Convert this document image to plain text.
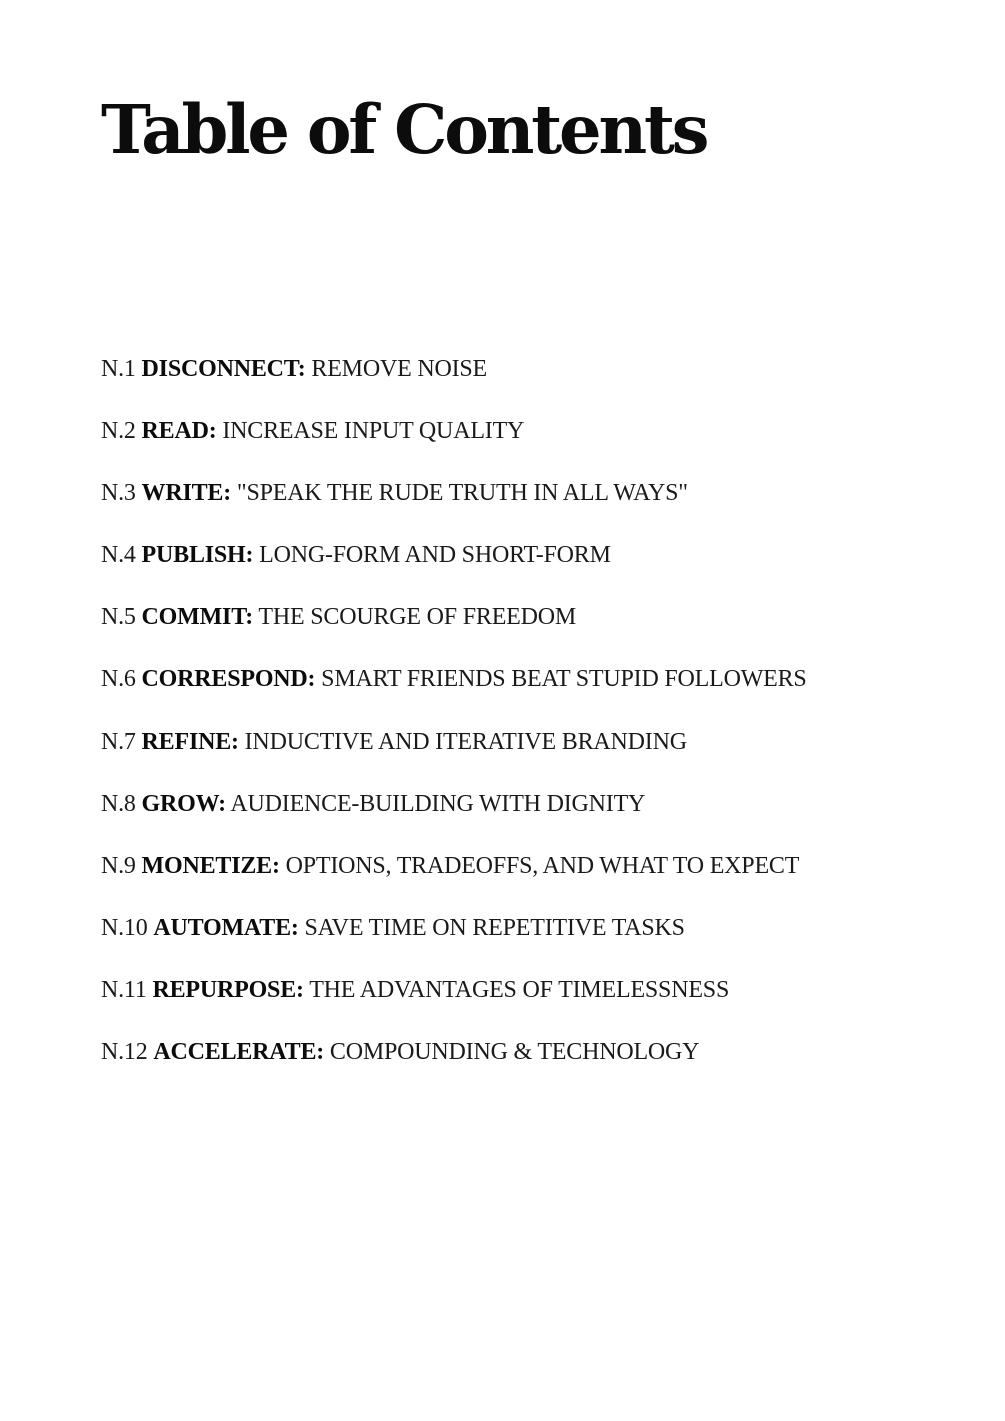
Table of Contents
N.1 DISCONNECT: REMOVE NOISE
N.2 READ: INCREASE INPUT QUALITY
N.3 WRITE: "SPEAK THE RUDE TRUTH IN ALL WAYS"
N.4 PUBLISH: LONG-FORM AND SHORT-FORM
N.5 COMMIT: THE SCOURGE OF FREEDOM
N.6 CORRESPOND: SMART FRIENDS BEAT STUPID FOLLOWERS
N.7 REFINE: INDUCTIVE AND ITERATIVE BRANDING
N.8 GROW: AUDIENCE-BUILDING WITH DIGNITY
N.9 MONETIZE: OPTIONS, TRADEOFFS, AND WHAT TO EXPECT
N.10 AUTOMATE: SAVE TIME ON REPETITIVE TASKS
N.11 REPURPOSE: THE ADVANTAGES OF TIMELESSNESS
N.12 ACCELERATE: COMPOUNDING & TECHNOLOGY
